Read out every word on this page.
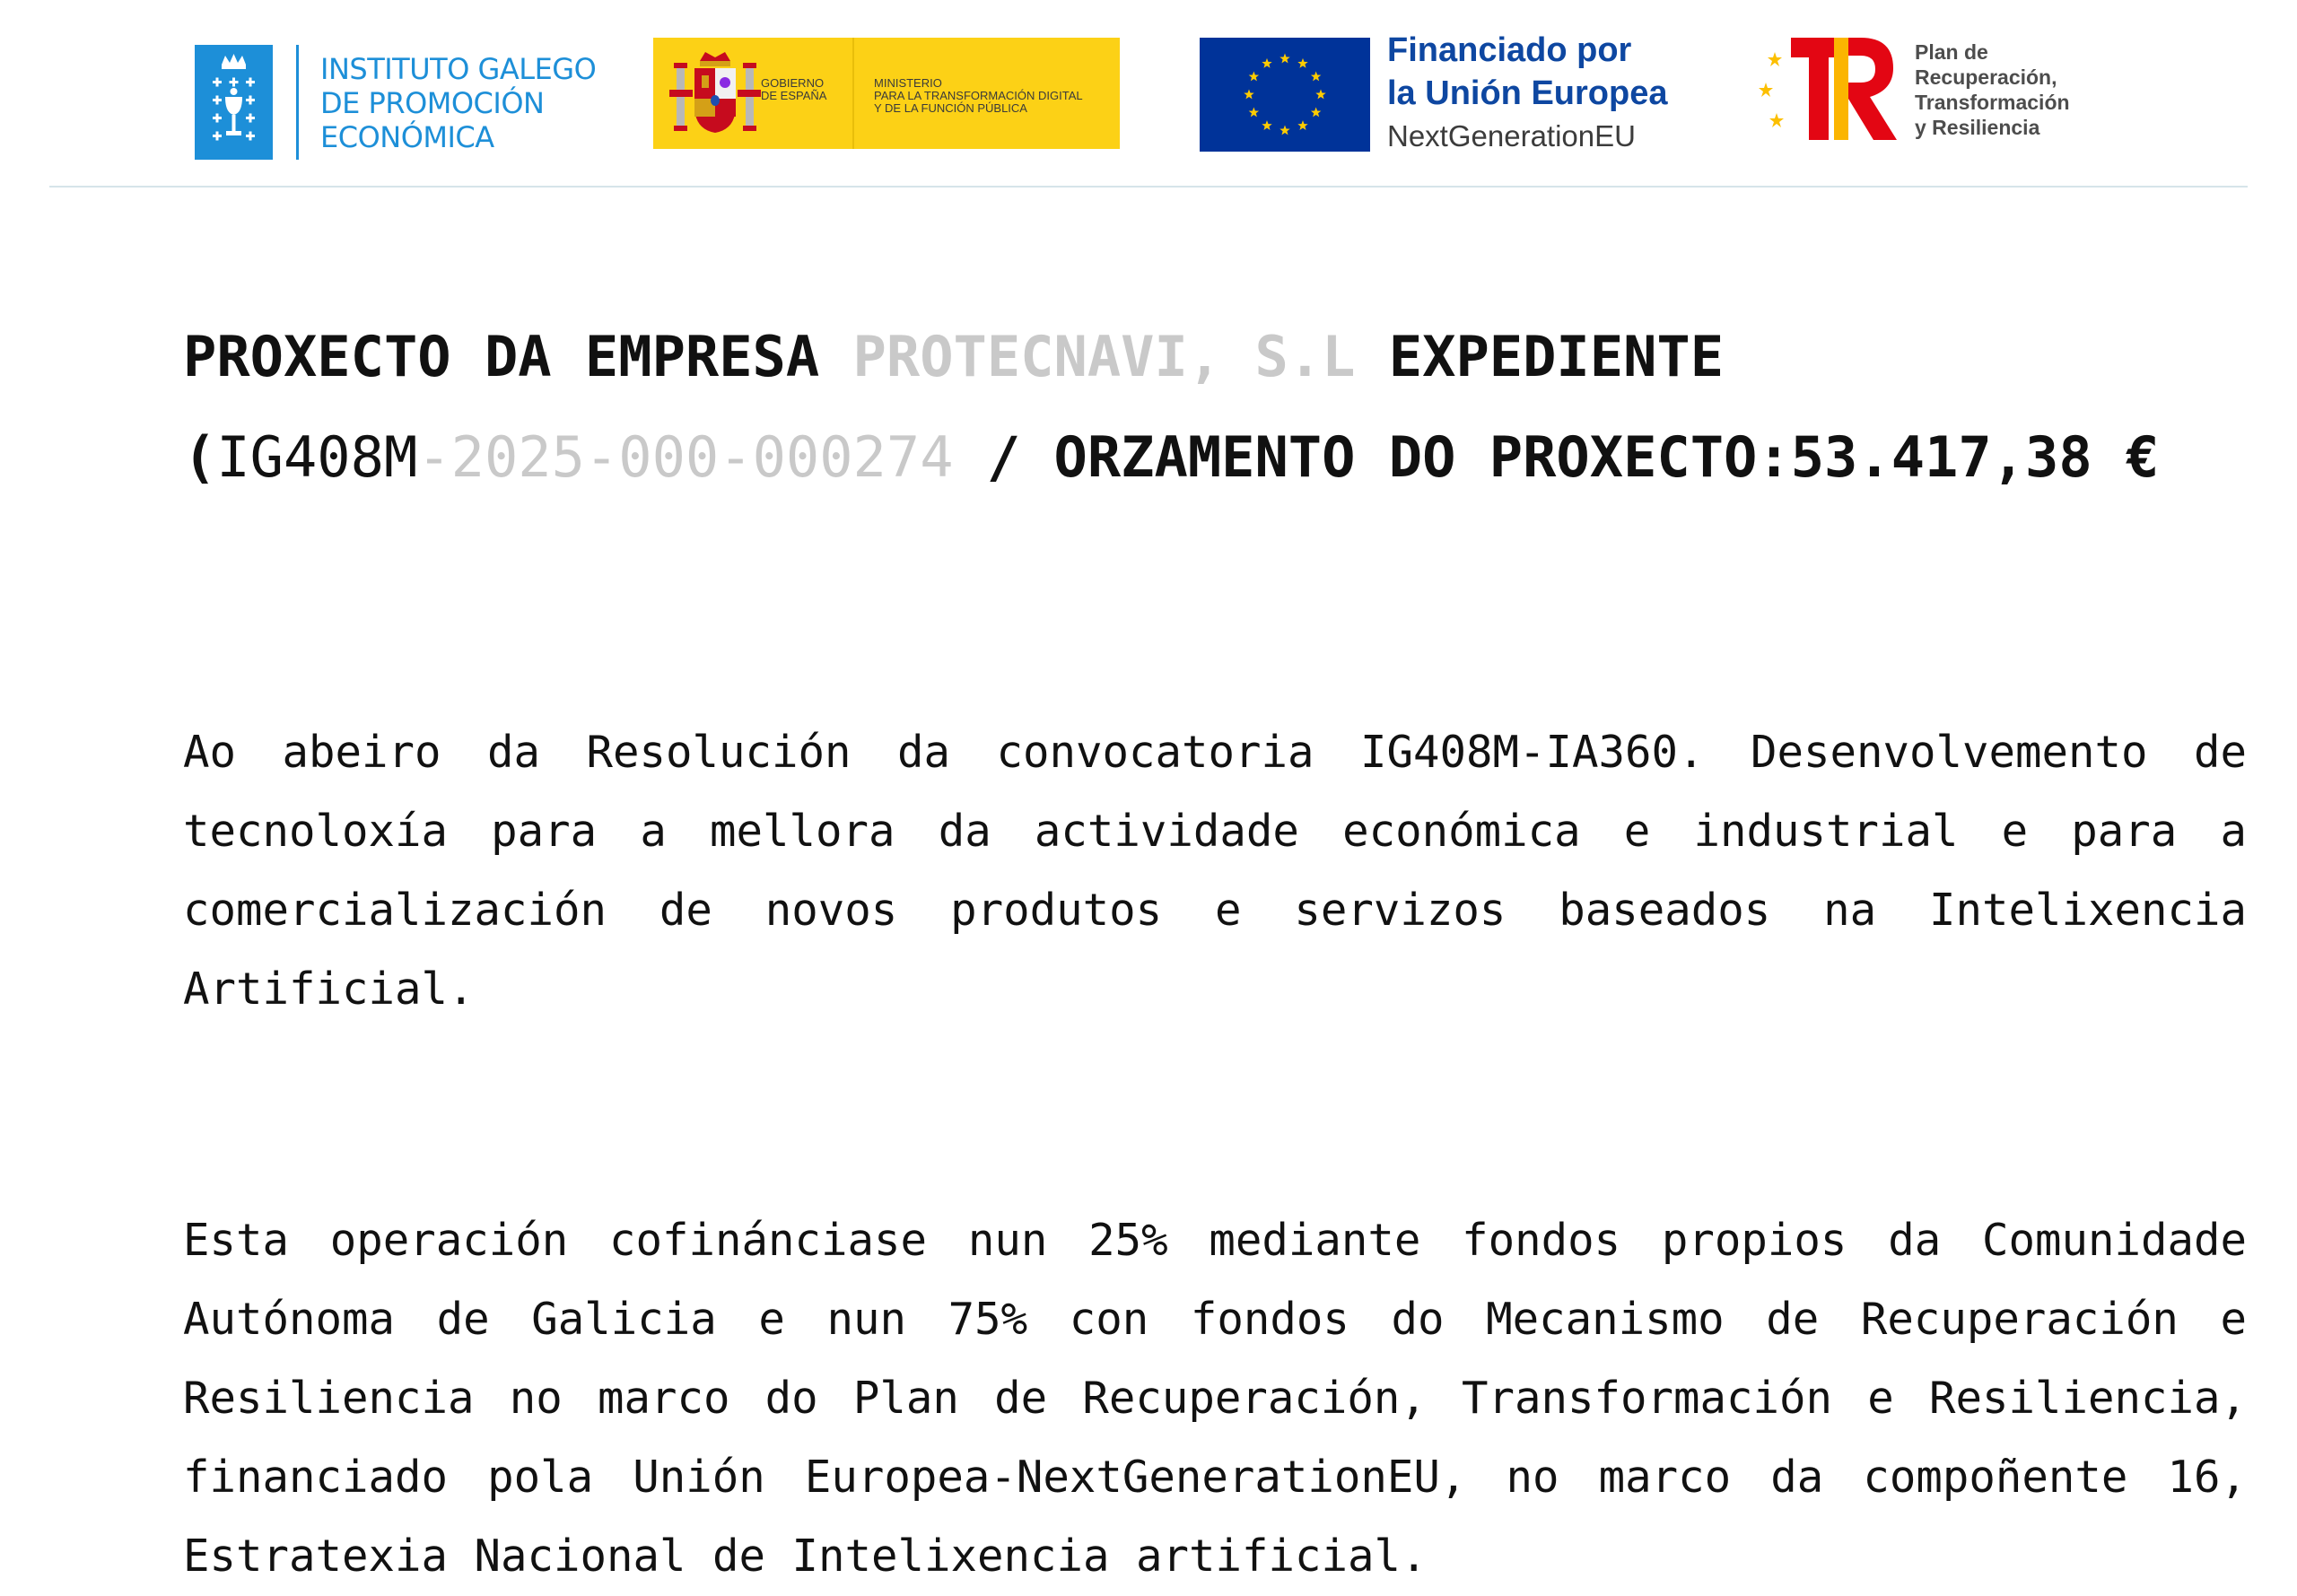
INSTITUTO GALEGO
DE PROMOCIÓN
ECONÓMICA
GOBIERNO
DE ESPAÑA
MINISTERIO
PARA LA TRANSFORMACIÓN DIGITAL
Y DE LA FUNCIÓN PÚBLICA
Financiado por
la Unión Europea
NextGenerationEU
Plan de
Recuperación,
Transformación
y Resiliencia
PROXECTO DA EMPRESA PROTECNAVI, S.L EXPEDIENTE
(IG408M-2025-000-000274 / ORZAMENTO DO PROXECTO:53.417,38 €

Ao abeiro da Resolución da convocatoria IG408M-IA360. Desenvolvemento de tecnoloxía para a mellora da actividade económica e industrial e para a comercialización de novos produtos e servizos baseados na Intelixencia Artificial.

Esta operación cofinánciase nun 25% mediante fondos propios da Comunidade Autónoma de Galicia e nun 75% con fondos do Mecanismo de Recuperación e Resiliencia no marco do Plan de Recuperación, Transformación e Resiliencia, financiado pola Unión Europea-NextGenerationEU, no marco da compoñente 16, Estratexia Nacional de Intelixencia artificial.
